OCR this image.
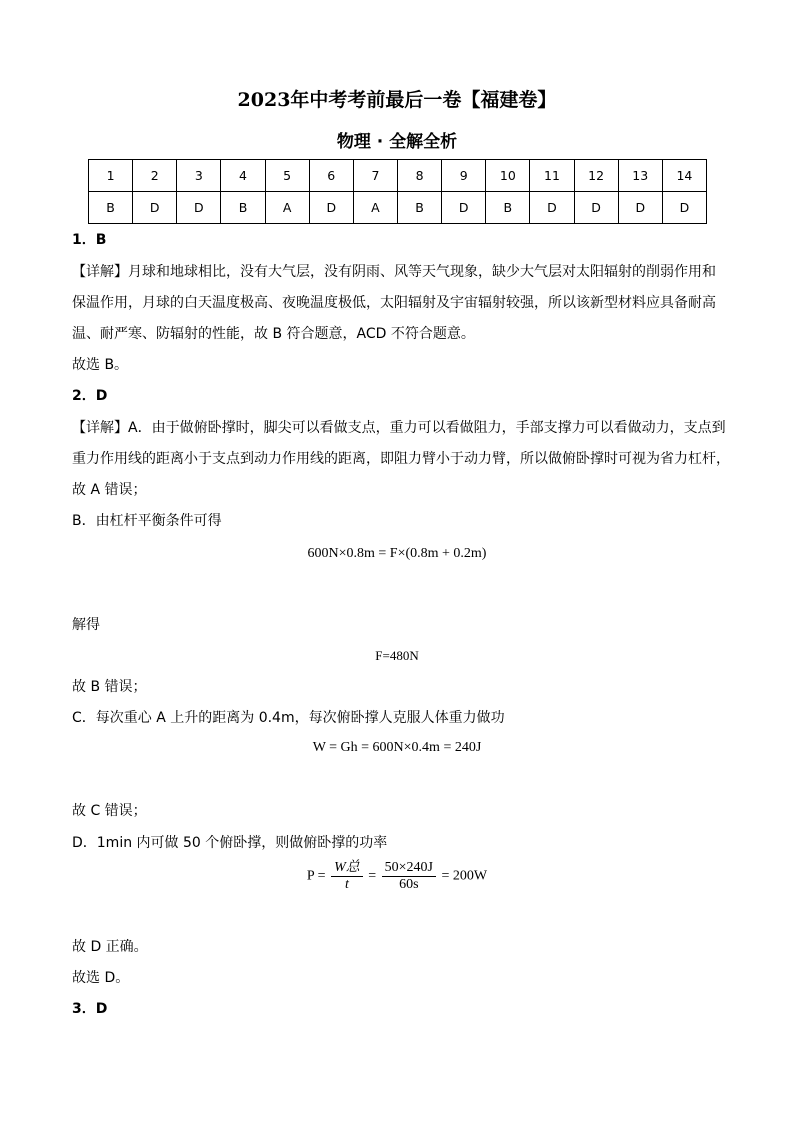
2023年中考考前最后一卷【福建卷】
物理 · 全解全析
1	2	3	4	5	6	7	8	9	10	11	12	13	14
B	D	D	B	A	D	A	B	D	B	D	D	D	D
1．B
【详解】月球和地球相比，没有大气层，没有阴雨、风等天气现象，缺少大气层对太阳辐射的削弱作用和
保温作用，月球的白天温度极高、夜晚温度极低，太阳辐射及宇宙辐射较强，所以该新型材料应具备耐高
温、耐严寒、防辐射的性能，故 B 符合题意，ACD 不符合题意。
故选 B。
2．D
【详解】A．由于做俯卧撑时，脚尖可以看做支点，重力可以看做阻力，手部支撑力可以看做动力，支点到
重力作用线的距离小于支点到动力作用线的距离，即阻力臂小于动力臂，所以做俯卧撑时可视为省力杠杆，
故 A 错误；
B．由杠杆平衡条件可得
600N×0.8m = F×(0.8m + 0.2m)
解得
F=480N
故 B 错误；
C．每次重心 A 上升的距离为 0.4m，每次俯卧撑人克服人体重力做功
W = Gh = 600N×0.4m = 240J
故 C 错误；
D．1min 内可做 50 个俯卧撑，则做俯卧撑的功率
$P = \frac{\text{W总}}{t} = \frac{50\times 240J}{60s} = 200W$
故 D 正确。
故选 D。
3．D
